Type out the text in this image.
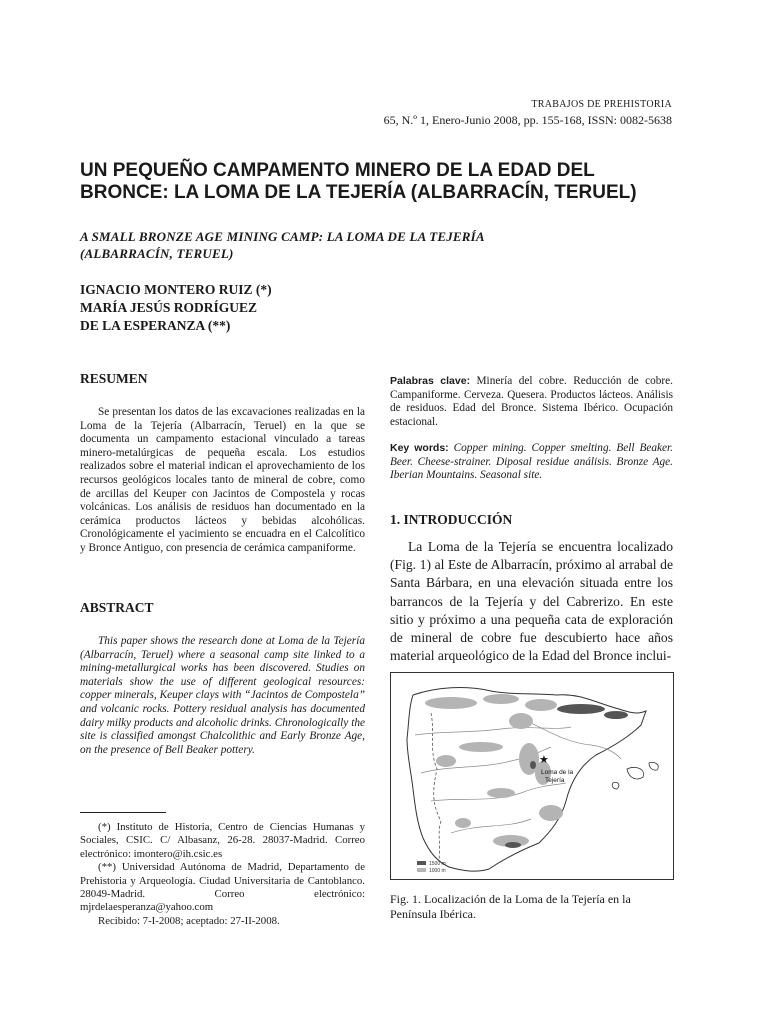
TRABAJOS DE PREHISTORIA
65, N.º 1, Enero-Junio 2008, pp. 155-168, ISSN: 0082-5638
UN PEQUEÑO CAMPAMENTO MINERO DE LA EDAD DEL
BRONCE: LA LOMA DE LA TEJERÍA (ALBARRACÍN, TERUEL)
A SMALL BRONZE AGE MINING CAMP: LA LOMA DE LA TEJERÍA
(ALBARRACÍN, TERUEL)
IGNACIO MONTERO RUIZ (*)
MARÍA JESÚS RODRÍGUEZ
DE LA ESPERANZA (**)
RESUMEN

Se presentan los datos de las excavaciones realizadas en la Loma de la Tejería (Albarracín, Teruel) en la que se documenta un campamento estacional vinculado a tareas minero-metalúrgicas de pequeña escala. Los estudios realizados sobre el material indican el aprovechamiento de los recursos geológicos locales tanto de mineral de cobre, como de arcillas del Keuper con Jacintos de Compostela y rocas volcánicas. Los análisis de residuos han documentado en la cerámica productos lácteos y bebidas alcohólicas. Cronológicamente el yacimiento se encuadra en el Calcolítico y Bronce Antiguo, con presencia de cerámica campaniforme.

ABSTRACT

This paper shows the research done at Loma de la Tejería (Albarracín, Teruel) where a seasonal camp site linked to a mining-metallurgical works has been discovered. Studies on materials show the use of different geological resources: copper minerals, Keuper clays with “Jacintos de Compostela” and volcanic rocks. Pottery residual analysis has documented dairy milky products and alcoholic drinks. Chronologically the site is classified amongst Chalcolithic and Early Bronze Age, on the presence of Bell Beaker pottery.

(*) Instituto de Historia, Centro de Ciencias Humanas y Sociales, CSIC. C/ Albasanz, 26-28. 28037-Madrid. Correo electrónico: imontero@ih.csic.es

(**) Universidad Autónoma de Madrid, Departamento de Prehistoria y Arqueología. Ciudad Universitaria de Cantoblanco. 28049-Madrid. Correo electrónico: mjrdelaesperanza@yahoo.com

Recibido: 7-I-2008; aceptado: 27-II-2008.

Palabras clave: Minería del cobre. Reducción de cobre. Campaniforme. Cerveza. Quesera. Productos lácteos. Análisis de residuos. Edad del Bronce. Sistema Ibérico. Ocupación estacional.

Key words: Copper mining. Copper smelting. Bell Beaker. Beer. Cheese-strainer. Diposal residue análisis. Bronze Age. Iberian Mountains. Seasonal site.

1. INTRODUCCIÓN

La Loma de la Tejería se encuentra localizado (Fig. 1) al Este de Albarracín, próximo al arrabal de Santa Bárbara, en una elevación situada entre los barrancos de la Tejería y del Cabrerizo. En este sitio y próximo a una pequeña cata de exploración de mineral de cobre fue descubierto hace años material arqueológico de la Edad del Bronce inclui-

★
Loma de la
Tejería
1500 m
1000 m

Fig. 1. Localización de la Loma de la Tejería en la Península Ibérica.
